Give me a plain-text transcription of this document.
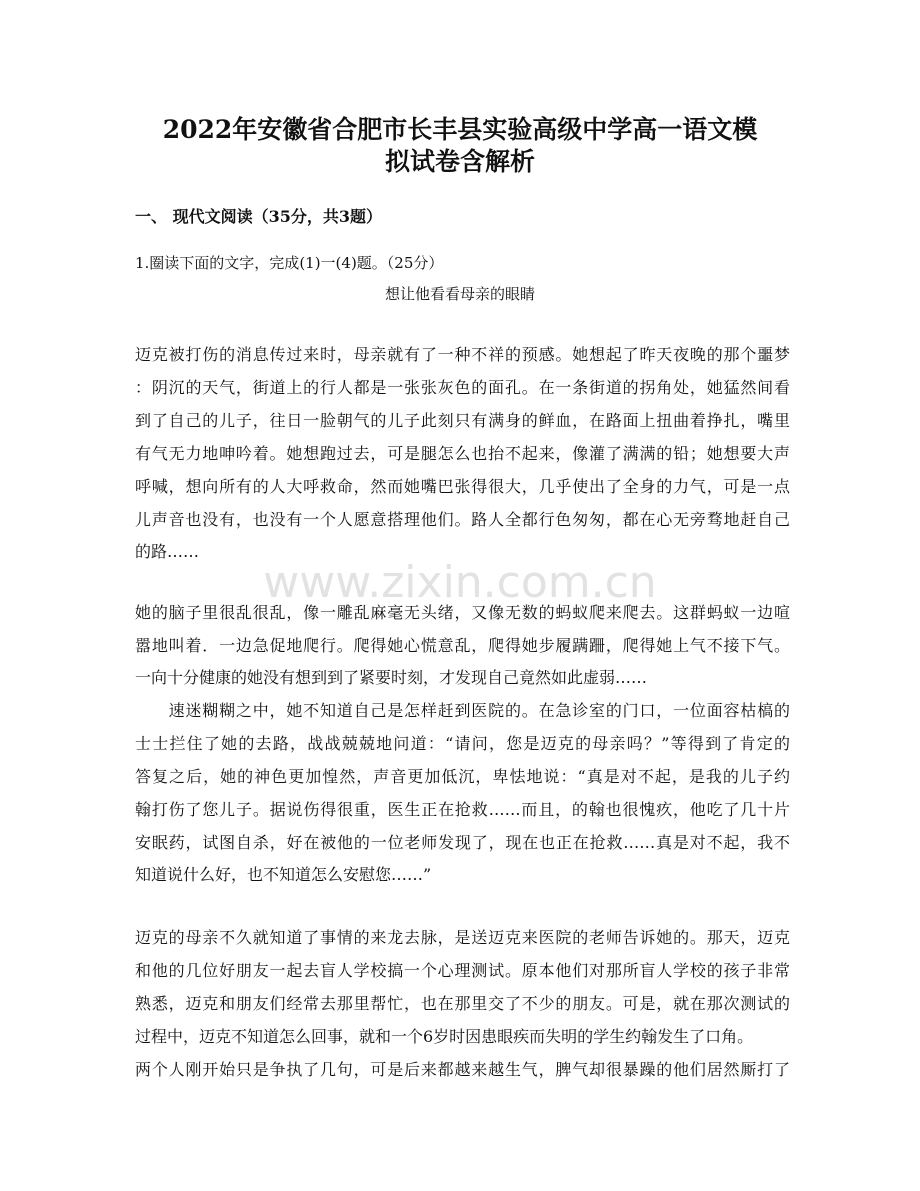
2022年安徽省合肥市长丰县实验高级中学高一语文模
拟试卷含解析
一、 现代文阅读（35分，共3题）
1.圈读下面的文字，完成(1)一(4)题。（25分）
想让他看看母亲的眼睛
www.zixin.com.cn
迈克被打伤的消息传过来时，母亲就有了一种不祥的预感。她想起了昨天夜晚的那个噩梦
：阴沉的天气，街道上的行人都是一张张灰色的面孔。在一条街道的拐角处，她猛然间看
到了自己的儿子，往日一脸朝气的儿子此刻只有满身的鲜血，在路面上扭曲着挣扎，嘴里
有气无力地呻吟着。她想跑过去，可是腿怎么也抬不起来，像灌了满满的铅；她想要大声
呼喊，想向所有的人大呼救命，然而她嘴巴张得很大，几乎使出了全身的力气，可是一点
儿声音也没有，也没有一个人愿意搭理他们。路人全都行色匆匆，都在心无旁骛地赶自己
的路……
她的脑子里很乱很乱，像一雕乱麻毫无头绪，又像无数的蚂蚁爬来爬去。这群蚂蚁一边喧
嚣地叫着．一边急促地爬行。爬得她心慌意乱，爬得她步履蹒跚，爬得她上气不接下气。
一向十分健康的她没有想到到了紧要时刻，才发现自己竟然如此虚弱……
　　速迷糊糊之中，她不知道自己是怎样赶到医院的。在急诊室的门口，一位面容枯槁的
士士拦住了她的去路，战战兢兢地问道：“请问，您是迈克的母亲吗？”等得到了肯定的
答复之后，她的神色更加惶然，声音更加低沉，卑怯地说：“真是对不起，是我的儿子约
翰打伤了您儿子。据说伤得很重，医生正在抢救……而且，的翰也很愧疚，他吃了几十片
安眠药，试图自杀，好在被他的一位老师发现了，现在也正在抢救……真是对不起，我不
知道说什么好，也不知道怎么安慰您……”
迈克的母亲不久就知道了事情的来龙去脉，是送迈克来医院的老师告诉她的。那天，迈克
和他的几位好朋友一起去盲人学校搞一个心理测试。原本他们对那所盲人学校的孩子非常
熟悉，迈克和朋友们经常去那里帮忙，也在那里交了不少的朋友。可是，就在那次测试的
过程中，迈克不知道怎么回事，就和一个6岁时因患眼疾而失明的学生约翰发生了口角。
两个人刚开始只是争执了几句，可是后来都越来越生气，脾气却很暴躁的他们居然厮打了
